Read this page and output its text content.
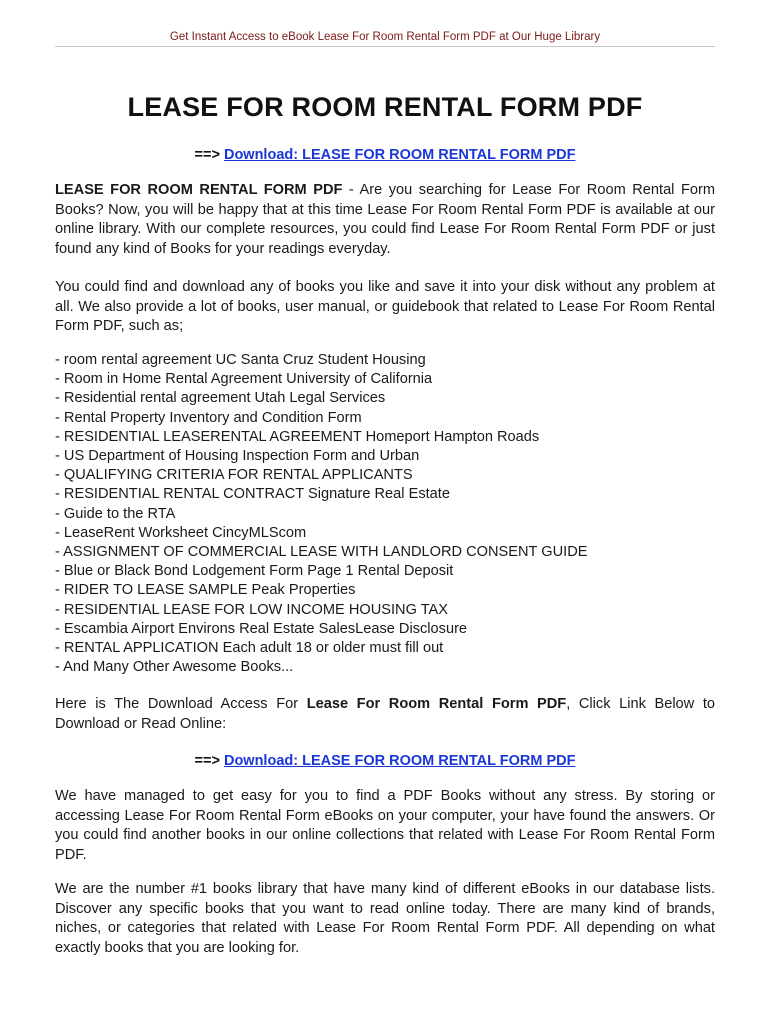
Get Instant Access to eBook Lease For Room Rental Form PDF at Our Huge Library
LEASE FOR ROOM RENTAL FORM PDF
==> Download: LEASE FOR ROOM RENTAL FORM PDF

LEASE FOR ROOM RENTAL FORM PDF - Are you searching for Lease For Room Rental Form Books? Now, you will be happy that at this time Lease For Room Rental Form PDF is available at our online library. With our complete resources, you could find Lease For Room Rental Form PDF or just found any kind of Books for your readings everyday.

You could find and download any of books you like and save it into your disk without any problem at all. We also provide a lot of books, user manual, or guidebook that related to Lease For Room Rental Form PDF, such as;

- room rental agreement UC Santa Cruz Student Housing
- Room in Home Rental Agreement University of California
- Residential rental agreement Utah Legal Services
- Rental Property Inventory and Condition Form
- RESIDENTIAL LEASERENTAL AGREEMENT Homeport Hampton Roads
- US Department of Housing Inspection Form and Urban
- QUALIFYING CRITERIA FOR RENTAL APPLICANTS
- RESIDENTIAL RENTAL CONTRACT Signature Real Estate
- Guide to the RTA
- LeaseRent Worksheet CincyMLScom
- ASSIGNMENT OF COMMERCIAL LEASE WITH LANDLORD CONSENT GUIDE
- Blue or Black Bond Lodgement Form Page 1 Rental Deposit
- RIDER TO LEASE SAMPLE Peak Properties
- RESIDENTIAL LEASE FOR LOW INCOME HOUSING TAX
- Escambia Airport Environs Real Estate SalesLease Disclosure
- RENTAL APPLICATION Each adult 18 or older must fill out
- And Many Other Awesome Books...

Here is The Download Access For Lease For Room Rental Form PDF, Click Link Below to Download or Read Online:

==> Download: LEASE FOR ROOM RENTAL FORM PDF

We have managed to get easy for you to find a PDF Books without any stress. By storing or accessing Lease For Room Rental Form eBooks on your computer, your have found the answers. Or you could find another books in our online collections that related with Lease For Room Rental Form PDF.

We are the number #1 books library that have many kind of different eBooks in our database lists. Discover any specific books that you want to read online today. There are many kind of brands, niches, or categories that related with Lease For Room Rental Form PDF. All depending on what exactly books that you are looking for.
